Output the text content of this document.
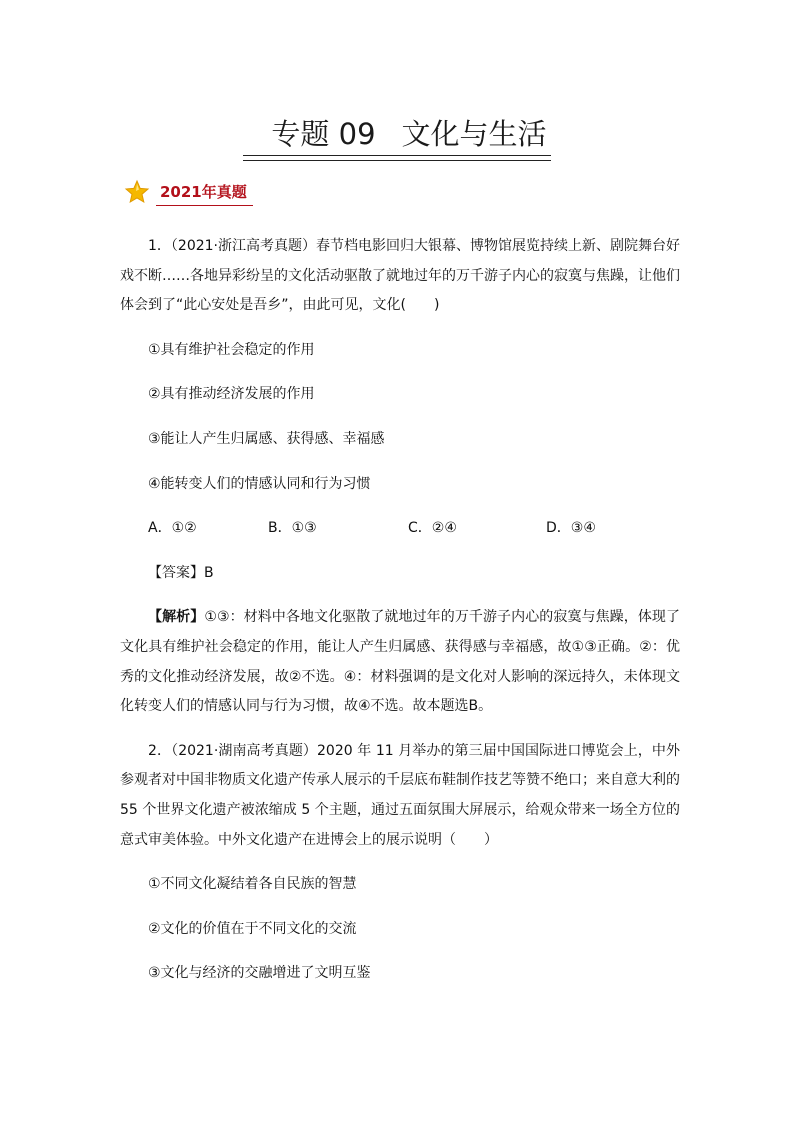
专题 09 文化与生活
2021年真题
1．（2021·浙江高考真题）春节档电影回归大银幕、博物馆展览持续上新、剧院舞台好戏不断……各地异彩纷呈的文化活动驱散了就地过年的万千游子内心的寂寞与焦躁，让他们体会到了“此心安处是吾乡”，由此可见，文化(　　)
①具有维护社会稳定的作用
②具有推动经济发展的作用
③能让人产生归属感、获得感、幸福感
④能转变人们的情感认同和行为习惯
A．①②	B．①③	C．②④	D．③④
【答案】B
【解析】①③：材料中各地文化驱散了就地过年的万千游子内心的寂寞与焦躁，体现了文化具有维护社会稳定的作用，能让人产生归属感、获得感与幸福感，故①③正确。②：优秀的文化推动经济发展，故②不选。④：材料强调的是文化对人影响的深远持久，未体现文化转变人们的情感认同与行为习惯，故④不选。故本题选B。
2．（2021·湖南高考真题）2020 年 11 月举办的第三届中国国际进口博览会上，中外参观者对中国非物质文化遗产传承人展示的千层底布鞋制作技艺等赞不绝口；来自意大利的 55 个世界文化遗产被浓缩成 5 个主题，通过五面氛围大屏展示，给观众带来一场全方位的意式审美体验。中外文化遗产在进博会上的展示说明（　　）
①不同文化凝结着各自民族的智慧
②文化的价值在于不同文化的交流
③文化与经济的交融增进了文明互鉴
